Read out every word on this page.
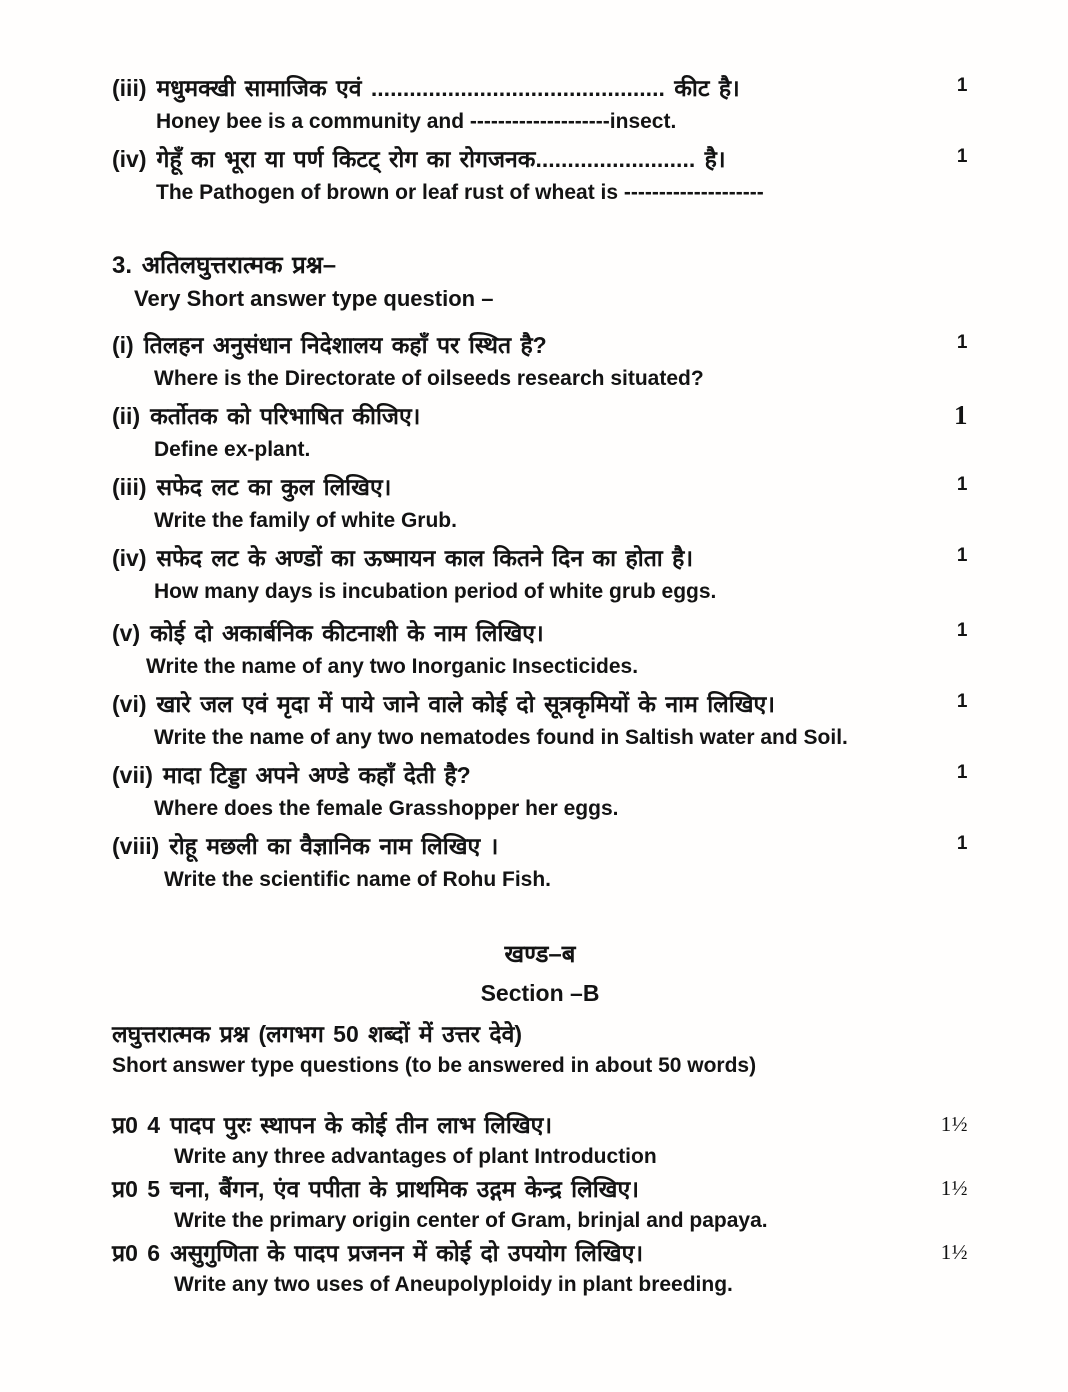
(iii) मधुमक्खी सामाजिक एवं .............................................. कीट है।
Honey bee is a community and --------------------insect.
1
(iv) गेहूँ का भूरा या पर्ण किटट् रोग का रोगजनक......................... है।
The Pathogen of brown or leaf rust of wheat is --------------------
1
3. अतिलघुत्तरात्मक प्रश्न–
Very Short answer type question –
(i) तिलहन अनुसंधान निदेशालय कहाँ पर स्थित है?
Where is the Directorate of oilseeds research situated?
1
(ii) कर्तोतक को परिभाषित कीजिए।
Define ex-plant.
1
(iii) सफेद लट का कुल लिखिए।
Write the family of white Grub.
1
(iv) सफेद लट के अण्डों का ऊष्मायन काल कितने दिन का होता है।
How many days is incubation period of white grub eggs.
1
(v) कोई दो अकार्बनिक कीटनाशी के नाम लिखिए।
Write the name of any two Inorganic Insecticides.
1
(vi) खारे जल एवं मृदा में पाये जाने वाले कोई दो सूत्रकृमियों के नाम लिखिए।
Write the name of any two nematodes found in Saltish water and Soil.
1
(vii) मादा टिड्डा अपने अण्डे कहाँ देती है?
Where does the female Grasshopper her eggs.
1
(viii) रोहू मछली का वैज्ञानिक नाम लिखिए ।
Write the scientific name of Rohu Fish.
1
खण्ड–ब
Section –B
लघुत्तरात्मक प्रश्न (लगभग 50 शब्दों में उत्तर देवे)
Short answer type questions (to be answered in about 50 words)
प्र0 4 पादप पुरः स्थापन के कोई तीन लाभ लिखिए।
Write any three advantages of plant Introduction
1½
प्र0 5 चना, बैंगन, एंव पपीता के प्राथमिक उद्गम केन्द्र लिखिए।
Write the primary origin center of Gram, brinjal and papaya.
1½
प्र0 6 असुगुणिता के पादप प्रजनन में कोई दो उपयोग लिखिए।
Write any two uses of Aneupolyploidy in plant breeding.
1½
